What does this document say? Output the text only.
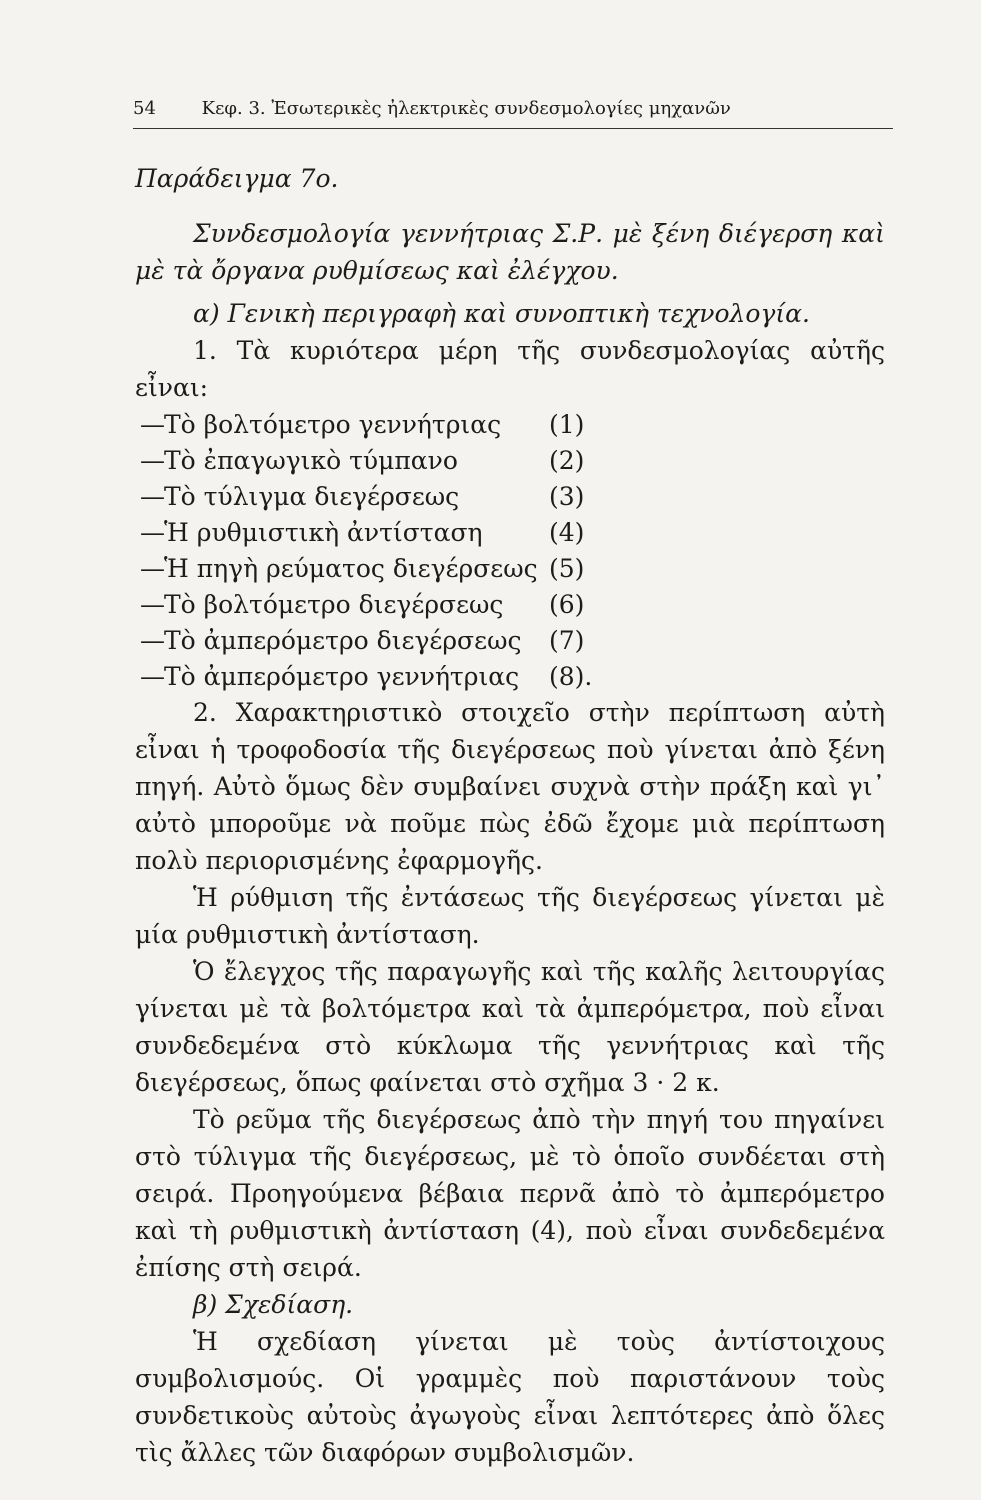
54	Κεφ. 3. Ἐσωτερικὲς ἠλεκτρικὲς συνδεσμολογίες μηχανῶν

Παράδειγμα 7ο.

Συνδεσμολογία γεννήτριας Σ.Ρ. μὲ ξένη διέγερση καὶ μὲ τὰ ὄργανα ρυθμίσεως καὶ ἐλέγχου.

α) Γενικὴ περιγραφὴ καὶ συνοπτικὴ τεχνολογία.

1. Τὰ κυριότερα μέρη τῆς συνδεσμολογίας αὐτῆς εἶναι:

— Τὸ βολτόμετρο γεννήτριας	(1)
— Τὸ ἐπαγωγικὸ τύμπανο	(2)
— Τὸ τύλιγμα διεγέρσεως	(3)
— Ἡ ρυθμιστικὴ ἀντίσταση	(4)
— Ἡ πηγὴ ρεύματος διεγέρσεως (5)
— Τὸ βολτόμετρο διεγέρσεως	(6)
— Τὸ ἀμπερόμετρο διεγέρσεως	(7)
— Τὸ ἀμπερόμετρο γεννήτριας	(8).

2. Χαρακτηριστικὸ στοιχεῖο στὴν περίπτωση αὐτὴ εἶναι ἡ τροφοδοσία τῆς διεγέρσεως ποὺ γίνεται ἀπὸ ξένη πηγή. Αὐτὸ ὅμως δὲν συμβαίνει συχνὰ στὴν πράξη καὶ γι᾽ αὐτὸ μποροῦμε νὰ ποῦμε πὼς ἐδῶ ἔχομε μιὰ περίπτωση πολὺ περιορισμένης ἐφαρμογῆς.

Ἡ ρύθμιση τῆς ἐντάσεως τῆς διεγέρσεως γίνεται μὲ μία ρυθμιστικὴ ἀντίσταση.

Ὁ ἔλεγχος τῆς παραγωγῆς καὶ τῆς καλῆς λειτουργίας γίνεται μὲ τὰ βολτόμετρα καὶ τὰ ἀμπερόμετρα, ποὺ εἶναι συνδεδεμένα στὸ κύκλωμα τῆς γεννήτριας καὶ τῆς διεγέρσεως, ὅπως φαίνεται στὸ σχῆμα 3 · 2 κ.

Τὸ ρεῦμα τῆς διεγέρσεως ἀπὸ τὴν πηγή του πηγαίνει στὸ τύλιγμα τῆς διεγέρσεως, μὲ τὸ ὁποῖο συνδέεται στὴ σειρά. Προηγούμενα βέβαια περνᾶ ἀπὸ τὸ ἀμπερόμετρο καὶ τὴ ρυθμιστικὴ ἀντίσταση (4), ποὺ εἶναι συνδεδεμένα ἐπίσης στὴ σειρά.

β) Σχεδίαση.

Ἡ σχεδίαση γίνεται μὲ τοὺς ἀντίστοιχους συμβολισμούς. Οἱ γραμμὲς ποὺ παριστάνουν τοὺς συνδετικοὺς αὐτοὺς ἀγωγοὺς εἶναι λεπτότερες ἀπὸ ὅλες τὶς ἄλλες τῶν διαφόρων συμβολισμῶν.
